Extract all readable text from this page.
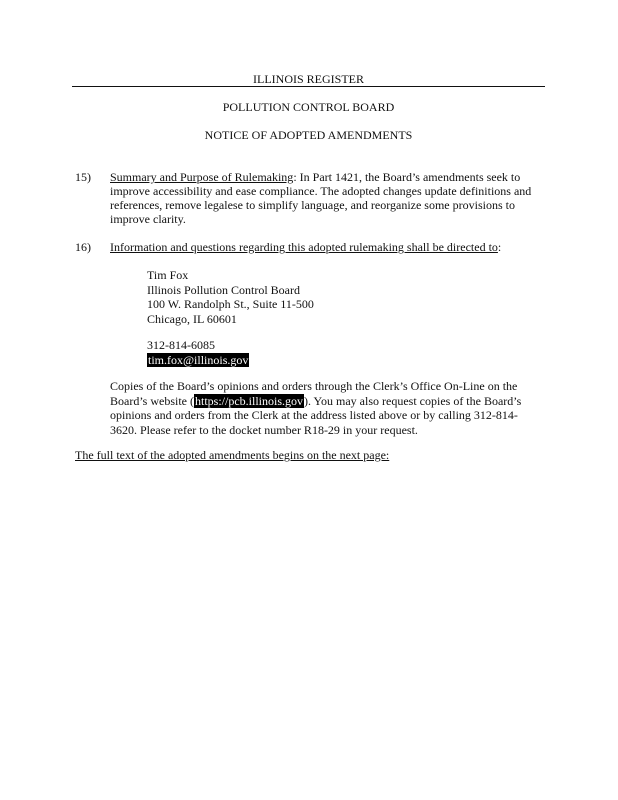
ILLINOIS REGISTER
POLLUTION CONTROL BOARD
NOTICE OF ADOPTED AMENDMENTS
15) Summary and Purpose of Rulemaking: In Part 1421, the Board’s amendments seek to improve accessibility and ease compliance. The adopted changes update definitions and references, remove legalese to simplify language, and reorganize some provisions to improve clarity.
16) Information and questions regarding this adopted rulemaking shall be directed to:
Tim Fox
Illinois Pollution Control Board
100 W. Randolph St., Suite 11-500
Chicago, IL 60601
312-814-6085
tim.fox@illinois.gov
Copies of the Board’s opinions and orders through the Clerk’s Office On-Line on the Board’s website (https://pcb.illinois.gov). You may also request copies of the Board’s opinions and orders from the Clerk at the address listed above or by calling 312-814-3620. Please refer to the docket number R18-29 in your request.
The full text of the adopted amendments begins on the next page:
